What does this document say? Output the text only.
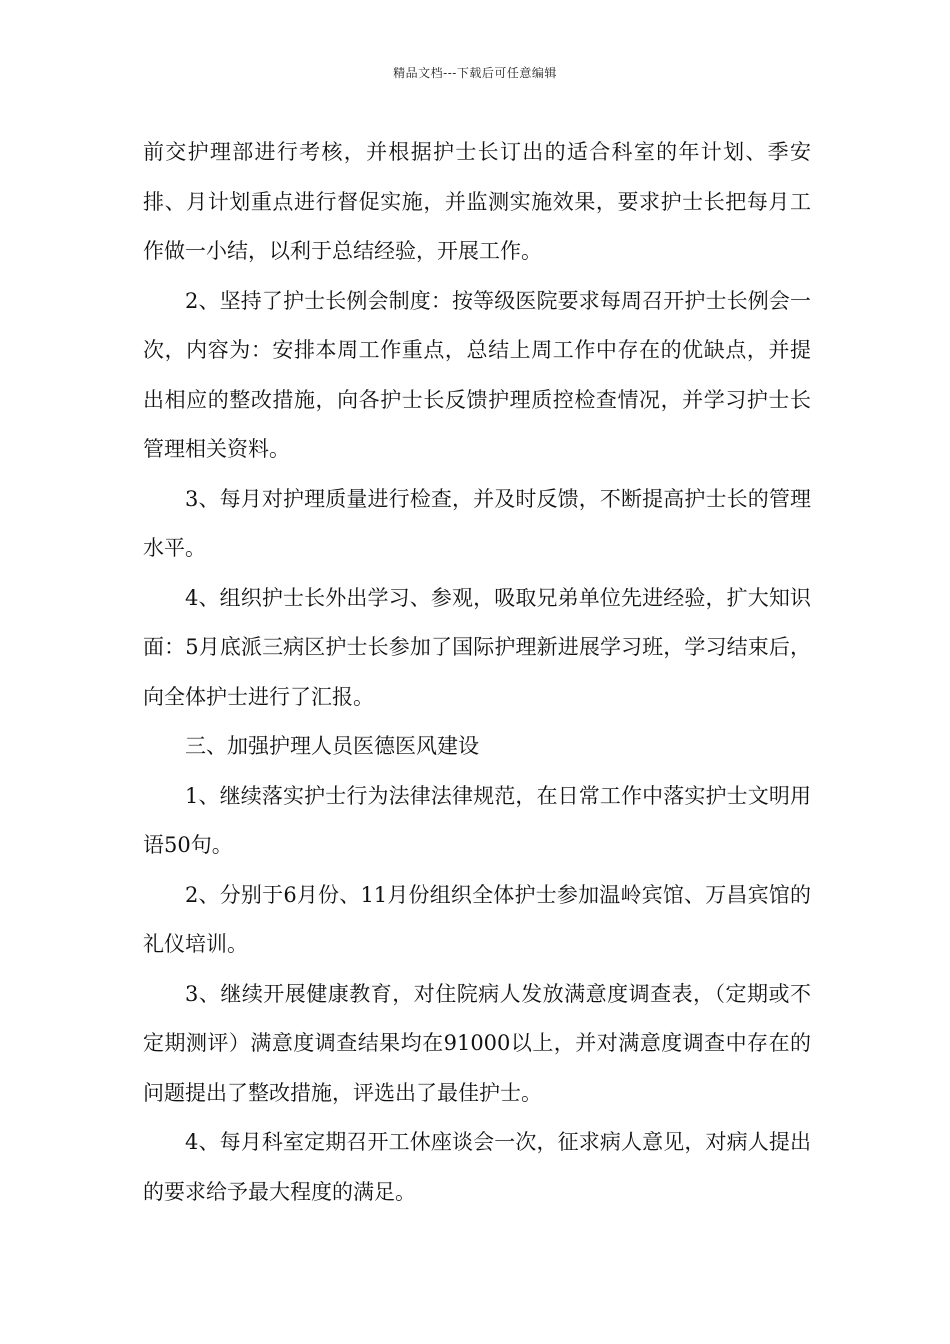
精品文档---下载后可任意编辑

前交护理部进行考核，并根据护士长订出的适合科室的年计划、季安排、月计划重点进行督促实施，并监测实施效果，要求护士长把每月工作做一小结，以利于总结经验，开展工作。

2、坚持了护士长例会制度：按等级医院要求每周召开护士长例会一次，内容为：安排本周工作重点，总结上周工作中存在的优缺点，并提出相应的整改措施，向各护士长反馈护理质控检查情况，并学习护士长管理相关资料。

3、每月对护理质量进行检查，并及时反馈，不断提高护士长的管理水平。

4、组织护士长外出学习、参观，吸取兄弟单位先进经验，扩大知识面：5月底派三病区护士长参加了国际护理新进展学习班，学习结束后，向全体护士进行了汇报。

三、加强护理人员医德医风建设

1、继续落实护士行为法律法律规范，在日常工作中落实护士文明用语50句。

2、分别于6月份、11月份组织全体护士参加温岭宾馆、万昌宾馆的礼仪培训。

3、继续开展健康教育，对住院病人发放满意度调查表，（定期或不定期测评）满意度调查结果均在91000以上，并对满意度调查中存在的问题提出了整改措施，评选出了最佳护士。

4、每月科室定期召开工休座谈会一次，征求病人意见，对病人提出的要求给予最大程度的满足。
